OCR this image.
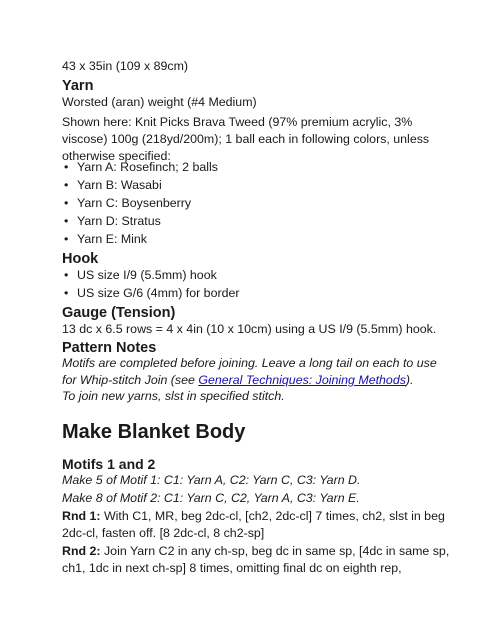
43 x 35in (109 x 89cm)
Yarn
Worsted (aran) weight (#4 Medium)
Shown here: Knit Picks Brava Tweed (97% premium acrylic, 3% viscose) 100g (218yd/200m); 1 ball each in following colors, unless otherwise specified:
• Yarn A: Rosefinch; 2 balls
• Yarn B: Wasabi
• Yarn C: Boysenberry
• Yarn D: Stratus
• Yarn E: Mink
Hook
• US size I/9 (5.5mm) hook
• US size G/6 (4mm) for border
Gauge (Tension)
13 dc x 6.5 rows = 4 x 4in (10 x 10cm) using a US I/9 (5.5mm) hook.
Pattern Notes
Motifs are completed before joining. Leave a long tail on each to use for Whip-stitch Join (see General Techniques: Joining Methods).
To join new yarns, slst in specified stitch.
Make Blanket Body
Motifs 1 and 2
Make 5 of Motif 1: C1: Yarn A, C2: Yarn C, C3: Yarn D.
Make 8 of Motif 2: C1: Yarn C, C2, Yarn A, C3: Yarn E.
Rnd 1: With C1, MR, beg 2dc-cl, [ch2, 2dc-cl] 7 times, ch2, slst in beg 2dc-cl, fasten off. [8 2dc-cl, 8 ch2-sp]
Rnd 2: Join Yarn C2 in any ch-sp, beg dc in same sp, [4dc in same sp, ch1, 1dc in next ch-sp] 8 times, omitting final dc on eighth rep,
